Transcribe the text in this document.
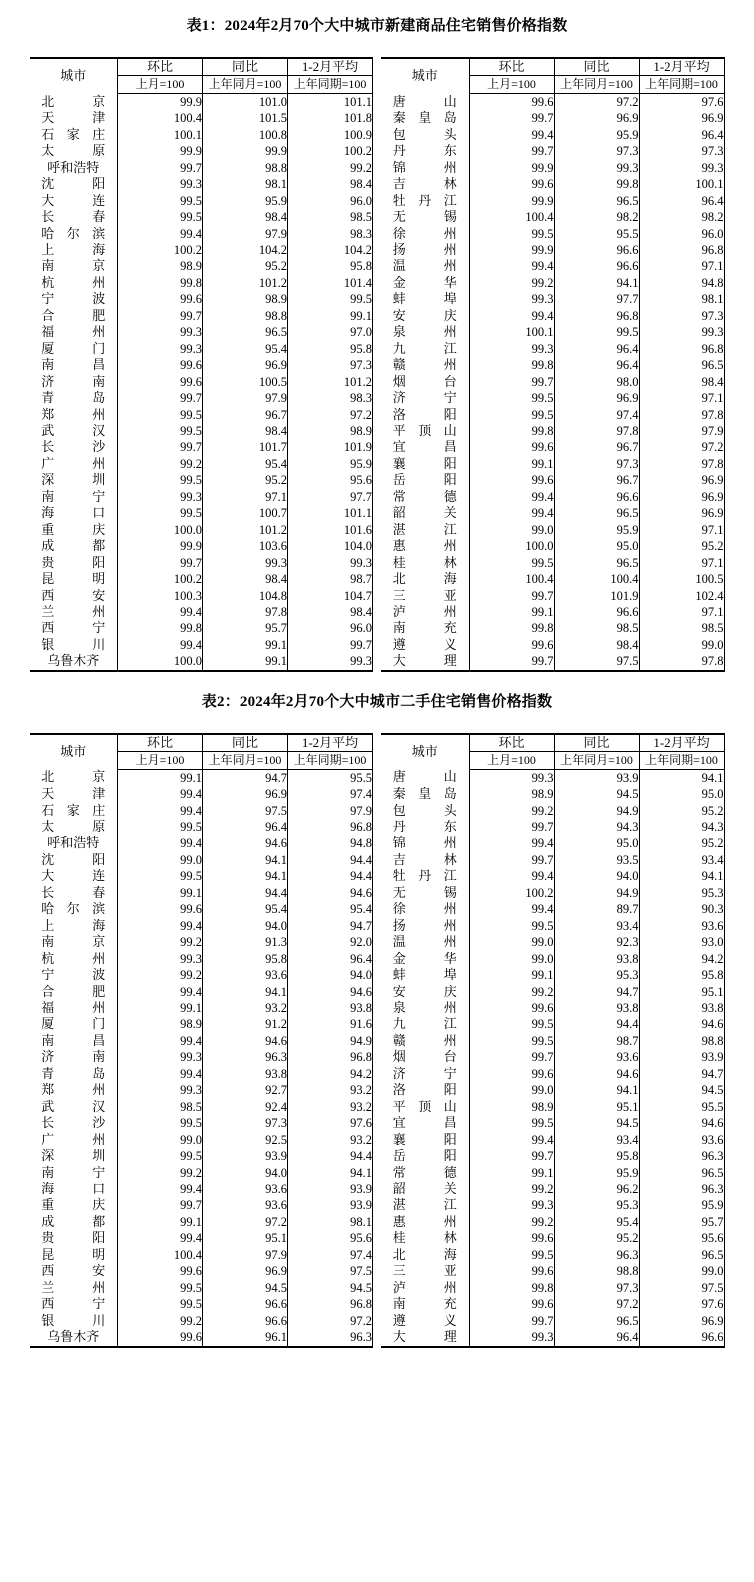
表1：2024年2月70个大中城市新建商品住宅销售价格指数
城市	环比	同比	1-2月平均
	上月=100	上年同月=100	上年同期=100
北京	99.9	101.0	101.1
天津	100.4	101.5	101.8
石家庄	100.1	100.8	100.9
太原	99.9	99.9	100.2
呼和浩特	99.7	98.8	99.2
沈阳	99.3	98.1	98.4
大连	99.5	95.9	96.0
长春	99.5	98.4	98.5
哈尔滨	99.4	97.9	98.3
上海	100.2	104.2	104.2
南京	98.9	95.2	95.8
杭州	99.8	101.2	101.4
宁波	99.6	98.9	99.5
合肥	99.7	98.8	99.1
福州	99.3	96.5	97.0
厦门	99.3	95.4	95.8
南昌	99.6	96.9	97.3
济南	99.6	100.5	101.2
青岛	99.7	97.9	98.3
郑州	99.5	96.7	97.2
武汉	99.5	98.4	98.9
长沙	99.7	101.7	101.9
广州	99.2	95.4	95.9
深圳	99.5	95.2	95.6
南宁	99.3	97.1	97.7
海口	99.5	100.7	101.1
重庆	100.0	101.2	101.6
成都	99.9	103.6	104.0
贵阳	99.7	99.3	99.3
昆明	100.2	98.4	98.7
西安	100.3	104.8	104.7
兰州	99.4	97.8	98.4
西宁	99.8	95.7	96.0
银川	99.4	99.1	99.7
乌鲁木齐	100.0	99.1	99.3
城市	环比	同比	1-2月平均
	上月=100	上年同月=100	上年同期=100
唐山	99.6	97.2	97.6
秦皇岛	99.7	96.9	96.9
包头	99.4	95.9	96.4
丹东	99.7	97.3	97.3
锦州	99.9	99.3	99.3
吉林	99.6	99.8	100.1
牡丹江	99.9	96.5	96.4
无锡	100.4	98.2	98.2
徐州	99.5	95.5	96.0
扬州	99.9	96.6	96.8
温州	99.4	96.6	97.1
金华	99.2	94.1	94.8
蚌埠	99.3	97.7	98.1
安庆	99.4	96.8	97.3
泉州	100.1	99.5	99.3
九江	99.3	96.4	96.8
赣州	99.8	96.4	96.5
烟台	99.7	98.0	98.4
济宁	99.5	96.9	97.1
洛阳	99.5	97.4	97.8
平顶山	99.8	97.8	97.9
宜昌	99.6	96.7	97.2
襄阳	99.1	97.3	97.8
岳阳	99.6	96.7	96.9
常德	99.4	96.6	96.9
韶关	99.4	96.5	96.9
湛江	99.0	95.9	97.1
惠州	100.0	95.0	95.2
桂林	99.5	96.5	97.1
北海	100.4	100.4	100.5
三亚	99.7	101.9	102.4
泸州	99.1	96.6	97.1
南充	99.8	98.5	98.5
遵义	99.6	98.4	99.0
大理	99.7	97.5	97.8
表2：2024年2月70个大中城市二手住宅销售价格指数
城市	环比	同比	1-2月平均
	上月=100	上年同月=100	上年同期=100
北京	99.1	94.7	95.5
天津	99.4	96.9	97.4
石家庄	99.4	97.5	97.9
太原	99.5	96.4	96.8
呼和浩特	99.4	94.6	94.8
沈阳	99.0	94.1	94.4
大连	99.5	94.1	94.4
长春	99.1	94.4	94.6
哈尔滨	99.6	95.4	95.4
上海	99.4	94.0	94.7
南京	99.2	91.3	92.0
杭州	99.3	95.8	96.4
宁波	99.2	93.6	94.0
合肥	99.4	94.1	94.6
福州	99.1	93.2	93.8
厦门	98.9	91.2	91.6
南昌	99.4	94.6	94.9
济南	99.3	96.3	96.8
青岛	99.4	93.8	94.2
郑州	99.3	92.7	93.2
武汉	98.5	92.4	93.2
长沙	99.5	97.3	97.6
广州	99.0	92.5	93.2
深圳	99.5	93.9	94.4
南宁	99.2	94.0	94.1
海口	99.4	93.6	93.9
重庆	99.7	93.6	93.9
成都	99.1	97.2	98.1
贵阳	99.4	95.1	95.6
昆明	100.4	97.9	97.4
西安	99.6	96.9	97.5
兰州	99.5	94.5	94.5
西宁	99.5	96.6	96.8
银川	99.2	96.6	97.2
乌鲁木齐	99.6	96.1	96.3
城市	环比	同比	1-2月平均
	上月=100	上年同月=100	上年同期=100
唐山	99.3	93.9	94.1
秦皇岛	98.9	94.5	95.0
包头	99.2	94.9	95.2
丹东	99.7	94.3	94.3
锦州	99.4	95.0	95.2
吉林	99.7	93.5	93.4
牡丹江	99.4	94.0	94.1
无锡	100.2	94.9	95.3
徐州	99.4	89.7	90.3
扬州	99.5	93.4	93.6
温州	99.0	92.3	93.0
金华	99.0	93.8	94.2
蚌埠	99.1	95.3	95.8
安庆	99.2	94.7	95.1
泉州	99.6	93.8	93.8
九江	99.5	94.4	94.6
赣州	99.5	98.7	98.8
烟台	99.7	93.6	93.9
济宁	99.6	94.6	94.7
洛阳	99.0	94.1	94.5
平顶山	98.9	95.1	95.5
宜昌	99.5	94.5	94.6
襄阳	99.4	93.4	93.6
岳阳	99.7	95.8	96.3
常德	99.1	95.9	96.5
韶关	99.2	96.2	96.3
湛江	99.3	95.3	95.9
惠州	99.2	95.4	95.7
桂林	99.6	95.2	95.6
北海	99.5	96.3	96.5
三亚	99.6	98.8	99.0
泸州	99.8	97.3	97.5
南充	99.6	97.2	97.6
遵义	99.7	96.5	96.9
大理	99.3	96.4	96.6
